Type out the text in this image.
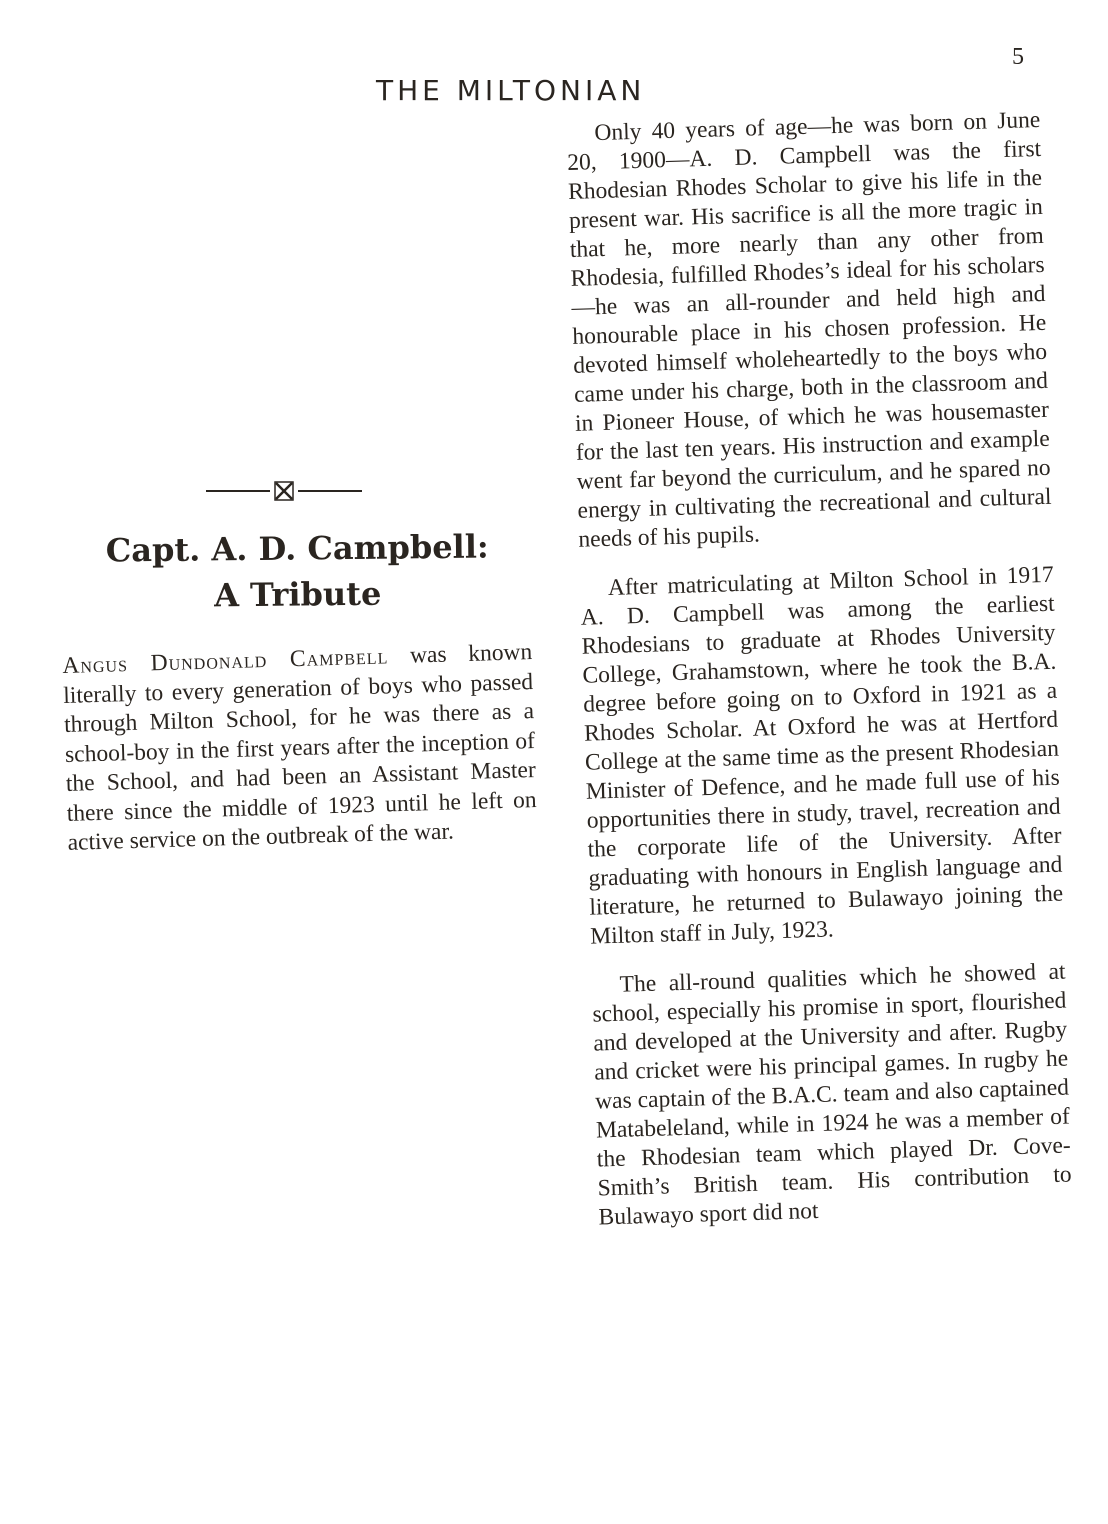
5
THE MILTONIAN
Capt. A. D. Campbell:
A Tribute

Angus Dundonald Campbell was known literally to every generation of boys who passed through Milton School, for he was there as a school-boy in the first years after the inception of the School, and had been an Assistant Master there since the middle of 1923 until he left on active service on the outbreak of the war.

Only 40 years of age—he was born on June 20, 1900—A. D. Campbell was the first Rhodesian Rhodes Scholar to give his life in the present war. His sacrifice is all the more tragic in that he, more nearly than any other from Rhodesia, fulfilled Rhodes’s ideal for his scholars—he was an all-rounder and held high and honourable place in his chosen profession. He devoted himself wholeheartedly to the boys who came under his charge, both in the classroom and in Pioneer House, of which he was housemaster for the last ten years. His instruction and example went far beyond the curriculum, and he spared no energy in cultivating the recreational and cultural needs of his pupils.

After matriculating at Milton School in 1917 A. D. Campbell was among the earliest Rhodesians to graduate at Rhodes University College, Grahamstown, where he took the B.A. degree before going on to Oxford in 1921 as a Rhodes Scholar. At Oxford he was at Hertford College at the same time as the present Rhodesian Minister of Defence, and he made full use of his opportunities there in study, travel, recreation and the corporate life of the University. After graduating with honours in English language and literature, he returned to Bulawayo joining the Milton staff in July, 1923.

The all-round qualities which he showed at school, especially his promise in sport, flourished and developed at the University and after. Rugby and cricket were his principal games. In rugby he was captain of the B.A.C. team and also captained Matabeleland, while in 1924 he was a member of the Rhodesian team which played Dr. Cove-Smith’s British team. His contribution to Bulawayo sport did not
